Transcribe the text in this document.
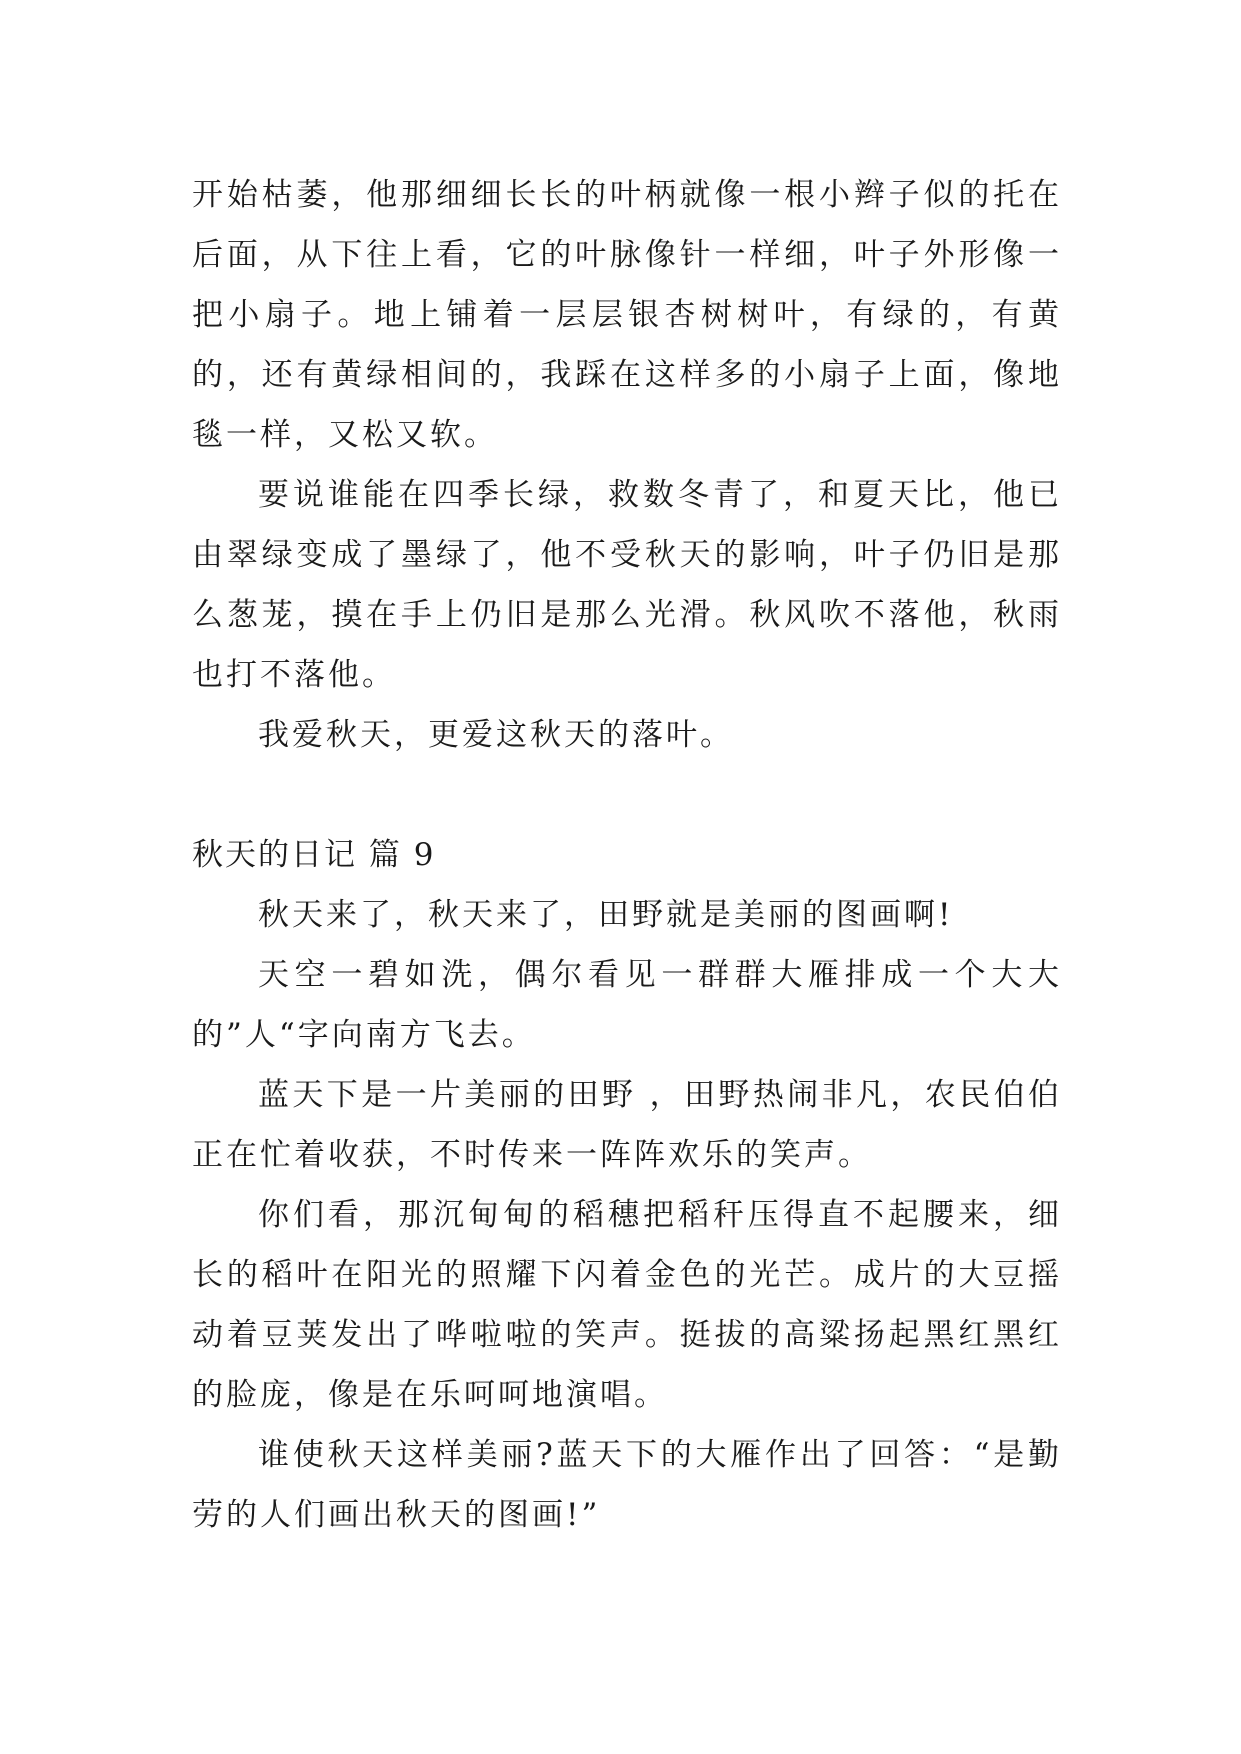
开始枯萎，他那细细长长的叶柄就像一根小辫子似的托在后面，从下往上看，它的叶脉像针一样细，叶子外形像一把小扇子。地上铺着一层层银杏树树叶，有绿的，有黄的，还有黄绿相间的，我踩在这样多的小扇子上面，像地毯一样，又松又软。

要说谁能在四季长绿，救数冬青了，和夏天比，他已由翠绿变成了墨绿了，他不受秋天的影响，叶子仍旧是那么葱茏，摸在手上仍旧是那么光滑。秋风吹不落他，秋雨也打不落他。

我爱秋天，更爱这秋天的落叶。

秋天的日记 篇 9

秋天来了，秋天来了，田野就是美丽的图画啊!

天空一碧如洗，偶尔看见一群群大雁排成一个大大的”人“字向南方飞去。

蓝天下是一片美丽的田野 ，田野热闹非凡，农民伯伯正在忙着收获，不时传来一阵阵欢乐的笑声。

你们看，那沉甸甸的稻穗把稻秆压得直不起腰来，细长的稻叶在阳光的照耀下闪着金色的光芒。成片的大豆摇动着豆荚发出了哗啦啦的笑声。挺拔的高粱扬起黑红黑红的脸庞，像是在乐呵呵地演唱。

谁使秋天这样美丽?蓝天下的大雁作出了回答：“是勤劳的人们画出秋天的图画!”
